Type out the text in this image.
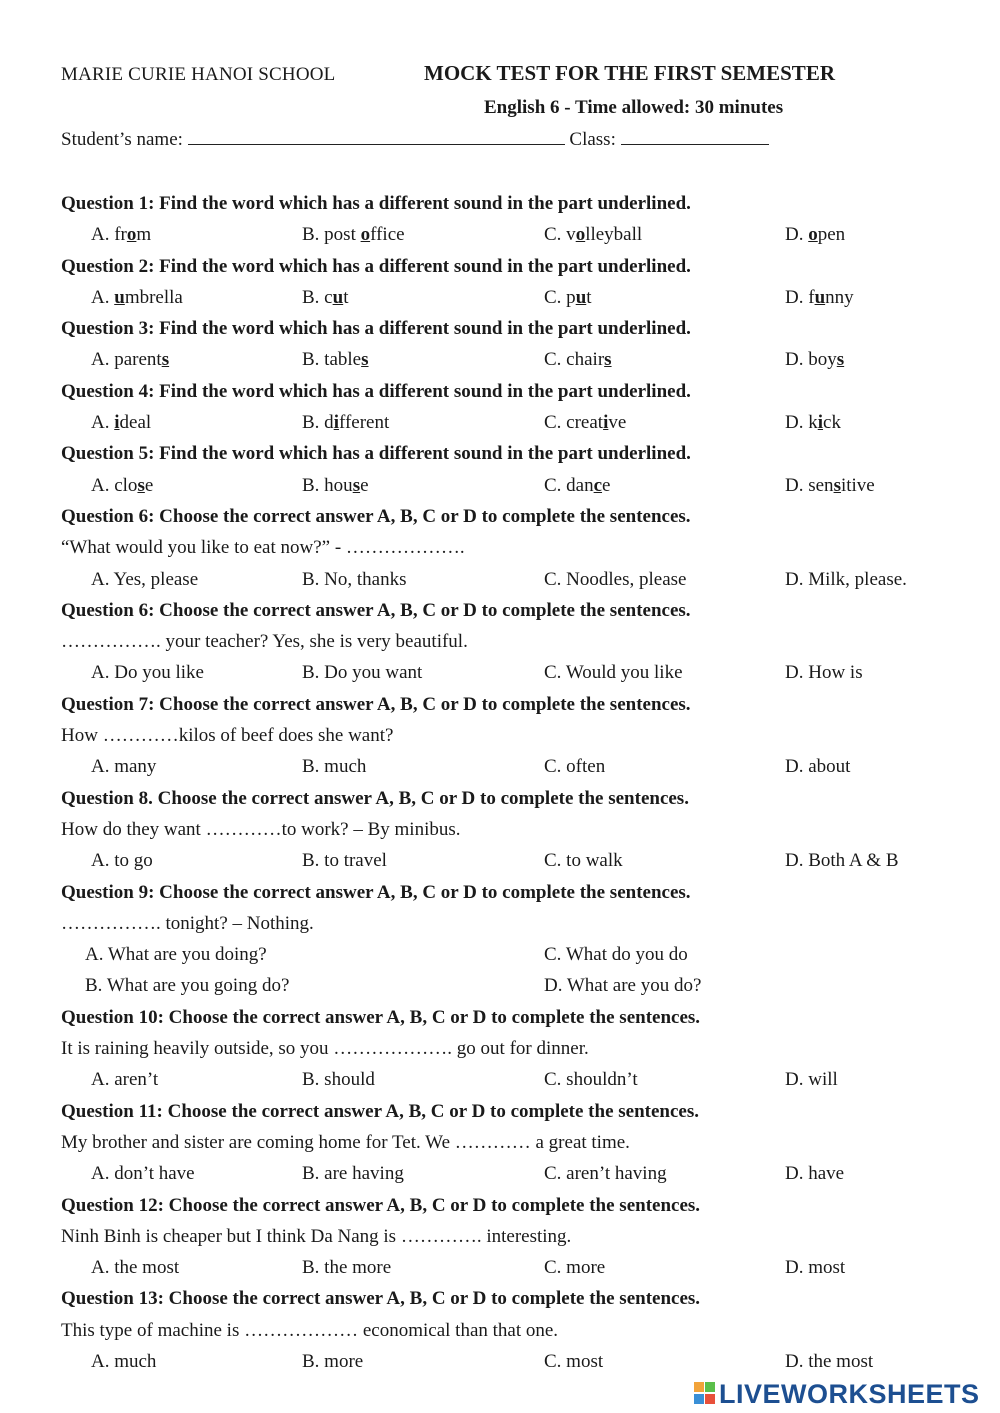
MARIE CURIE HANOI SCHOOL	MOCK TEST FOR THE FIRST SEMESTER
English 6 - Time allowed: 30 minutes
Student’s name:	Class:
Question 1: Find the word which has a different sound in the part underlined.
A. from	B. post office	C. volleyball	D. open
Question 2: Find the word which has a different sound in the part underlined.
A. umbrella	B. cut	C. put	D. funny
Question 3: Find the word which has a different sound in the part underlined.
A. parents	B. tables	C. chairs	D. boys
Question 4: Find the word which has a different sound in the part underlined.
A. ideal	B. different	C. creative	D. kick
Question 5: Find the word which has a different sound in the part underlined.
A. close	B. house	C. dance	D. sensitive
Question 6: Choose the correct answer A, B, C or D to complete the sentences.
“What would you like to eat now?” - ……………….
A. Yes, please	B. No, thanks	C. Noodles, please	D. Milk, please.
Question 6: Choose the correct answer A, B, C or D to complete the sentences.
……………. your teacher? Yes, she is very beautiful.
A. Do you like	B. Do you want	C. Would you like	D. How is
Question 7: Choose the correct answer A, B, C or D to complete the sentences.
How …………kilos of beef does she want?
A. many	B. much	C. often	D. about
Question 8. Choose the correct answer A, B, C or D to complete the sentences.
How do they want …………to work? – By minibus.
A. to go	B. to travel	C. to walk	D. Both A & B
Question 9: Choose the correct answer A, B, C or D to complete the sentences.
……………. tonight? – Nothing.
A. What are you doing?	C. What do you do
B. What are you going do?	D. What are you do?
Question 10: Choose the correct answer A, B, C or D to complete the sentences.
It is raining heavily outside, so you ………………. go out for dinner.
A. aren’t	B. should	C. shouldn’t	D. will
Question 11: Choose the correct answer A, B, C or D to complete the sentences.
My brother and sister are coming home for Tet. We ………… a great time.
A. don’t have	B. are having	C. aren’t having	D. have
Question 12: Choose the correct answer A, B, C or D to complete the sentences.
Ninh Binh is cheaper but I think Da Nang is …………. interesting.
A. the most	B. the more	C. more	D. most
Question 13: Choose the correct answer A, B, C or D to complete the sentences.
This type of machine is ……………… economical than that one.
A. much	B. more	C. most	D. the most
LIVEWORKSHEETS
